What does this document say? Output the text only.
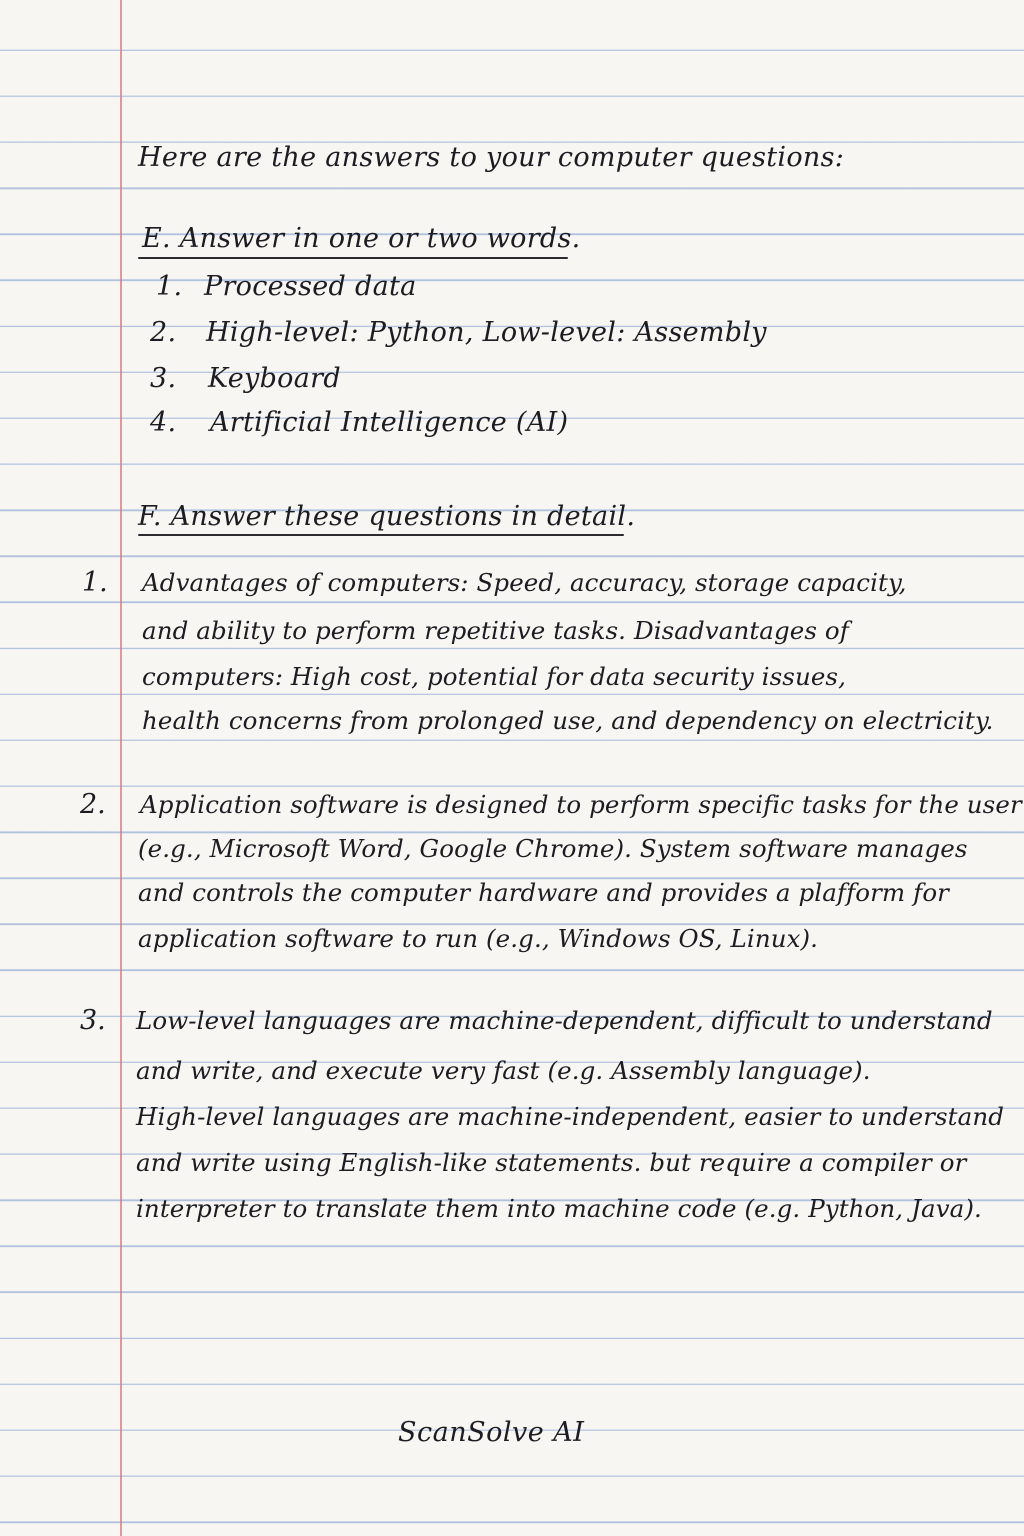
Here are the answers to your computer questions:
E. Answer in one or two words.
1. Processed data
2. High-level: Python, Low-level: Assembly
3. Keyboard
4. Artificial Intelligence (AI)
F. Answer these questions in detail.
1. Advantages of computers: Speed, accuracy, storage capacity,
and ability to perform repetitive tasks. Disadvantages of
computers: High cost, potential for data security issues,
health concerns from prolonged use, and dependency on electricity.
2. Application software is designed to perform specific tasks for the user
(e.g., Microsoft Word, Google Chrome). System software manages
and controls the computer hardware and provides a plafform for
application software to run (e.g., Windows OS, Linux).
3. Low-level languages are machine-dependent, difficult to understand
and write, and execute very fast (e.g. Assembly language).
High-level languages are machine-independent, easier to understand
and write using English-like statements. but require a compiler or
interpreter to translate them into machine code (e.g. Python, Java).
ScanSolve AI
